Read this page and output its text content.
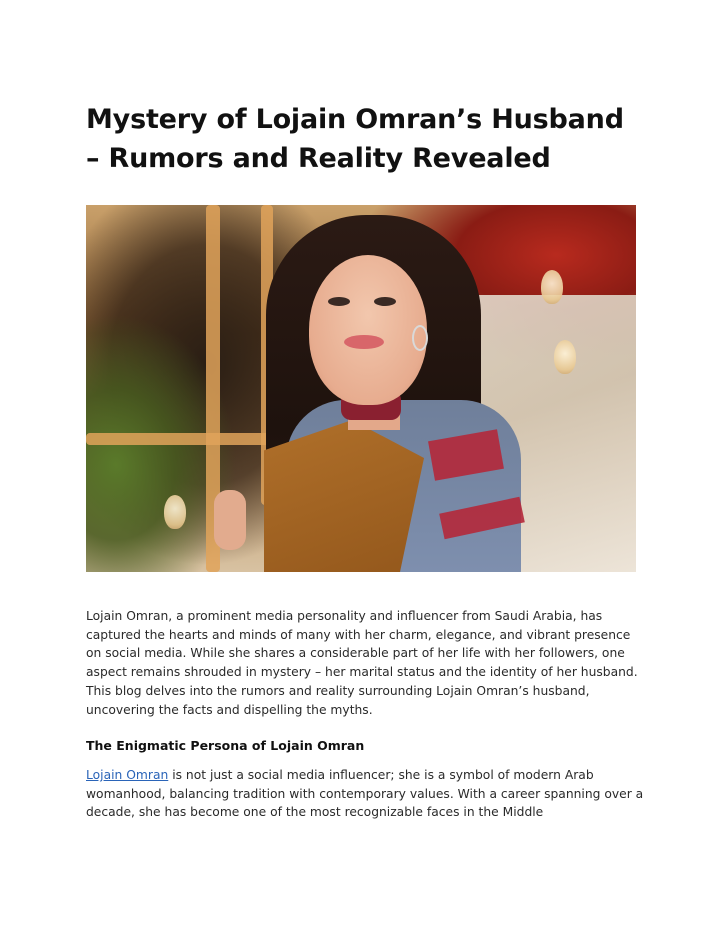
Mystery of Lojain Omran’s Husband – Rumors and Reality Revealed

Lojain Omran, a prominent media personality and influencer from Saudi Arabia, has captured the hearts and minds of many with her charm, elegance, and vibrant presence on social media. While she shares a considerable part of her life with her followers, one aspect remains shrouded in mystery – her marital status and the identity of her husband. This blog delves into the rumors and reality surrounding Lojain Omran’s husband, uncovering the facts and dispelling the myths.

The Enigmatic Persona of Lojain Omran

Lojain Omran is not just a social media influencer; she is a symbol of modern Arab womanhood, balancing tradition with contemporary values. With a career spanning over a decade, she has become one of the most recognizable faces in the Middle
